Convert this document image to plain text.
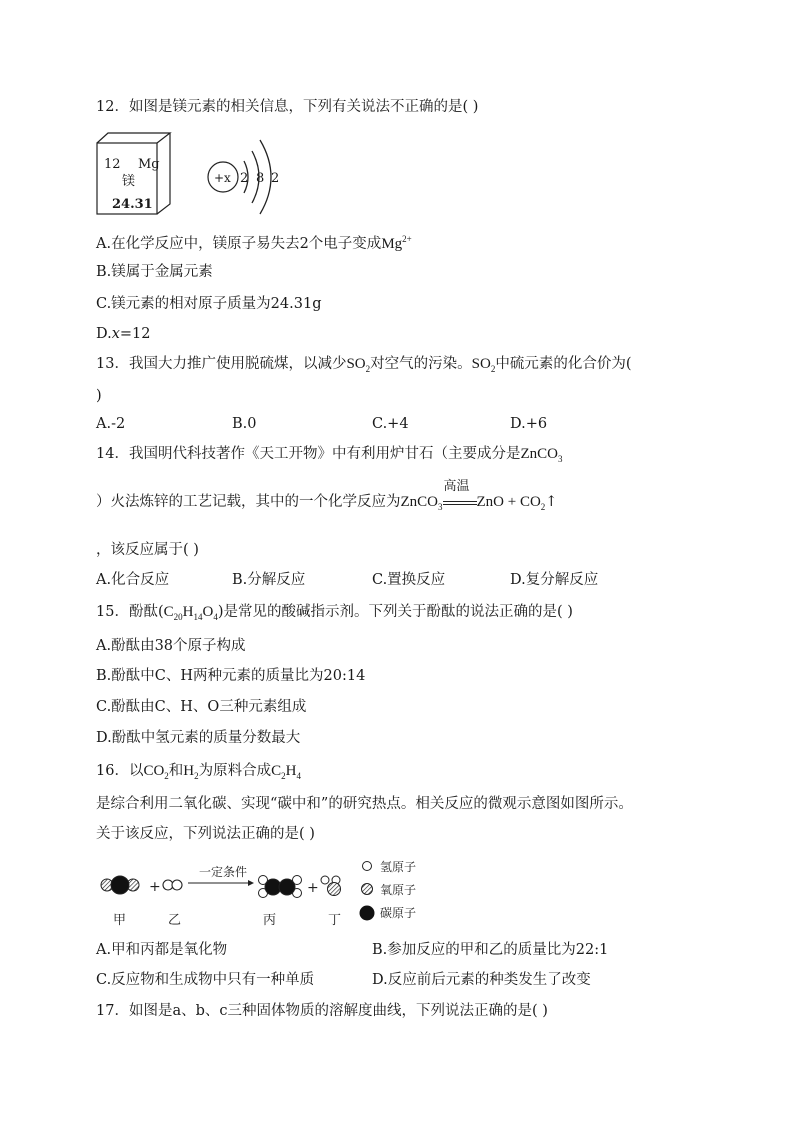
12．如图是镁元素的相关信息，下列有关说法不正确的是( )
12 Mg
镁
24.31
+x 2 8 2
A.在化学反应中，镁原子易失去2个电子变成$Mg^{2+}$
B.镁属于金属元素
C.镁元素的相对原子质量为24.31g
D.x=12
13．我国大力推广使用脱硫煤，以减少$SO_2$对空气的污染。$SO_2$中硫元素的化合价为(
)
A.-2	B.0	C.+4	D.+6
14．我国明代科技著作《天工开物》中有利用炉甘石（主要成分是ZnCO$_3$
）火法炼锌的工艺记载，其中的一个化学反应为ZnCO$_3$
高温
ZnO + $CO_2↑$
，该反应属于( )
A.化合反应	B.分解反应	C.置换反应	D.复分解反应
15．酚酞$(C_{20}H_{14}O_4)$是常见的酸碱指示剂。下列关于酚酞的说法正确的是( )
A.酚酞由38个原子构成
B.酚酞中C、H两种元素的质量比为20:14
C.酚酞由C、H、O三种元素组成
D.酚酞中氢元素的质量分数最大
16．以$CO_2$和$H_2$为原料合成$C_2H_4$
是综合利用二氧化碳、实现“碳中和”的研究热点。相关反应的微观示意图如图所示。
关于该反应，下列说法正确的是( )
+
一定条件
+
甲	乙	丙	丁
氢原子
氧原子
碳原子
A.甲和丙都是氧化物	B.参加反应的甲和乙的质量比为22:1
C.反应物和生成物中只有一种单质	D.反应前后元素的种类发生了改变
17．如图是a、b、c三种固体物质的溶解度曲线，下列说法正确的是( )
